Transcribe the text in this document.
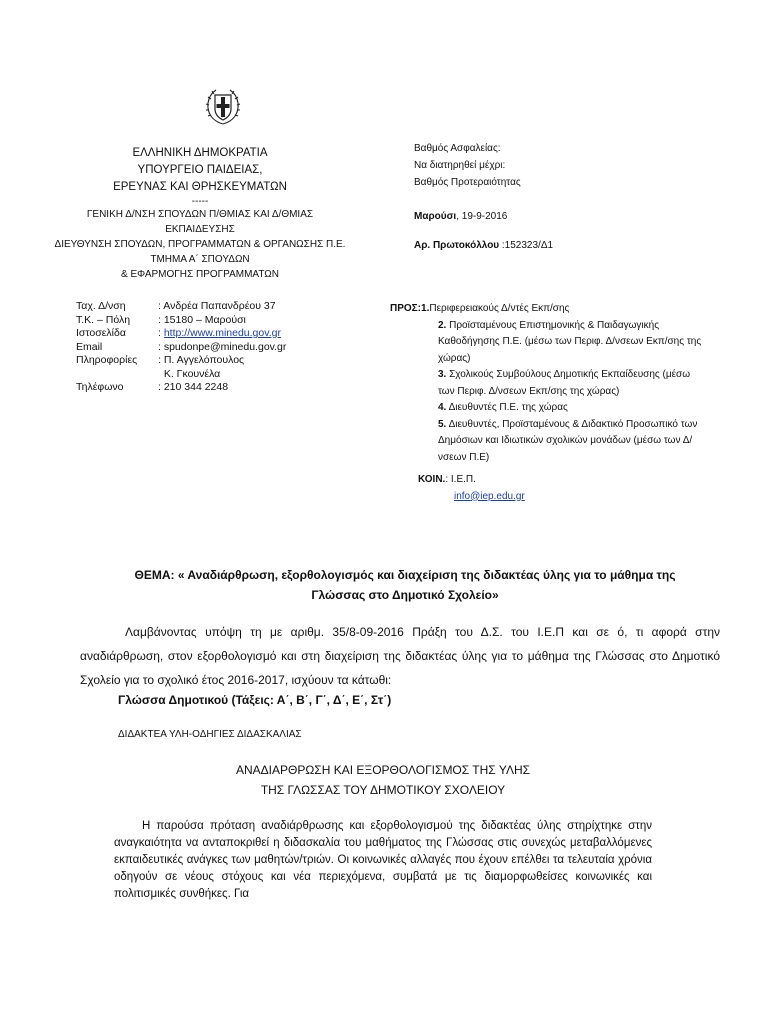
ΕΛΛΗΝΙΚΗ ΔΗΜΟΚΡΑΤΙΑ
ΥΠΟΥΡΓΕΙΟ ΠΑΙΔΕΙΑΣ,
ΕΡΕΥΝΑΣ ΚΑΙ ΘΡΗΣΚΕΥΜΑΤΩΝ
-----
ΓΕΝΙΚΗ Δ/ΝΣΗ ΣΠΟΥΔΩΝ Π/ΘΜΙΑΣ ΚΑΙ Δ/ΘΜΙΑΣ
ΕΚΠΑΙΔΕΥΣΗΣ
ΔΙΕΥΘΥΝΣΗ ΣΠΟΥΔΩΝ, ΠΡΟΓΡΑΜΜΑΤΩΝ & ΟΡΓΑΝΩΣΗΣ Π.Ε.
ΤΜΗΜΑ Α΄ ΣΠΟΥΔΩΝ
& ΕΦΑΡΜΟΓΗΣ ΠΡΟΓΡΑΜΜΑΤΩΝ
Βαθμός Ασφαλείας:
Να διατηρηθεί μέχρι:
Βαθμός Προτεραιότητας
Μαρούσι, 19-9-2016
Αρ. Πρωτοκόλλου :152323/Δ1
Ταχ. Δ/νση	: Ανδρέα Παπανδρέου 37
Τ.Κ. – Πόλη	: 15180 – Μαρούσι
Ιστοσελίδα	: http://www.minedu.gov.gr
Email	: spudonpe@minedu.gov.gr
Πληροφορίες	: Π. Αγγελόπουλος
Κ. Γκουνέλα
Τηλέφωνο	: 210 344 2248
ΠΡΟΣ:1.Περιφερειακούς Δ/ντές Εκπ/σης
2. Προϊσταμένους Επιστημονικής & Παιδαγωγικής Καθοδήγησης Π.Ε. (μέσω των Περιφ. Δ/νσεων Εκπ/σης της χώρας)
3. Σχολικούς Συμβούλους Δημοτικής Εκπαίδευσης (μέσω των Περιφ. Δ/νσεων Εκπ/σης της χώρας)
4. Διευθυντές Π.Ε. της χώρας
5. Διευθυντές, Προϊσταμένους & Διδακτικό Προσωπικό των Δημόσιων και Ιδιωτικών σχολικών μονάδων (μέσω των Δ/νσεων Π.Ε)
ΚΟΙΝ.: Ι.Ε.Π.
info@iep.edu.gr
ΘΕΜΑ: « Αναδιάρθρωση, εξορθολογισμός και διαχείριση της διδακτέας ύλης για το μάθημα της
Γλώσσας στο Δημοτικό Σχολείο»
Λαμβάνοντας υπόψη τη με αριθμ. 35/8-09-2016 Πράξη του Δ.Σ. του Ι.Ε.Π και σε ό, τι αφορά στην αναδιάρθρωση, στον εξορθολογισμό και στη διαχείριση της διδακτέας ύλης για το μάθημα της Γλώσσας στο Δημοτικό Σχολείο για το σχολικό έτος 2016-2017, ισχύουν τα κάτωθι:
Γλώσσα Δημοτικού (Τάξεις: Α΄, Β΄, Γ΄, Δ΄, Ε΄, Στ΄)
ΔΙΔΑΚΤΕΑ ΥΛΗ-ΟΔΗΓΙΕΣ ΔΙΔΑΣΚΑΛΙΑΣ
ΑΝΑΔΙΑΡΘΡΩΣΗ ΚΑΙ ΕΞΟΡΘΟΛΟΓΙΣΜΟΣ ΤΗΣ ΥΛΗΣ
ΤΗΣ ΓΛΩΣΣΑΣ ΤΟΥ ΔΗΜΟΤΙΚΟΥ ΣΧΟΛΕΙΟΥ
Η παρούσα πρόταση αναδιάρθρωσης και εξορθολογισμού της διδακτέας ύλης στηρίχτηκε στην αναγκαιότητα να ανταποκριθεί η διδασκαλία του μαθήματος της Γλώσσας στις συνεχώς μεταβαλλόμενες εκπαιδευτικές ανάγκες των μαθητών/τριών. Οι κοινωνικές αλλαγές που έχουν επέλθει τα τελευταία χρόνια οδηγούν σε νέους στόχους και νέα περιεχόμενα, συμβατά με τις διαμορφωθείσες κοινωνικές και πολιτισμικές συνθήκες. Για
